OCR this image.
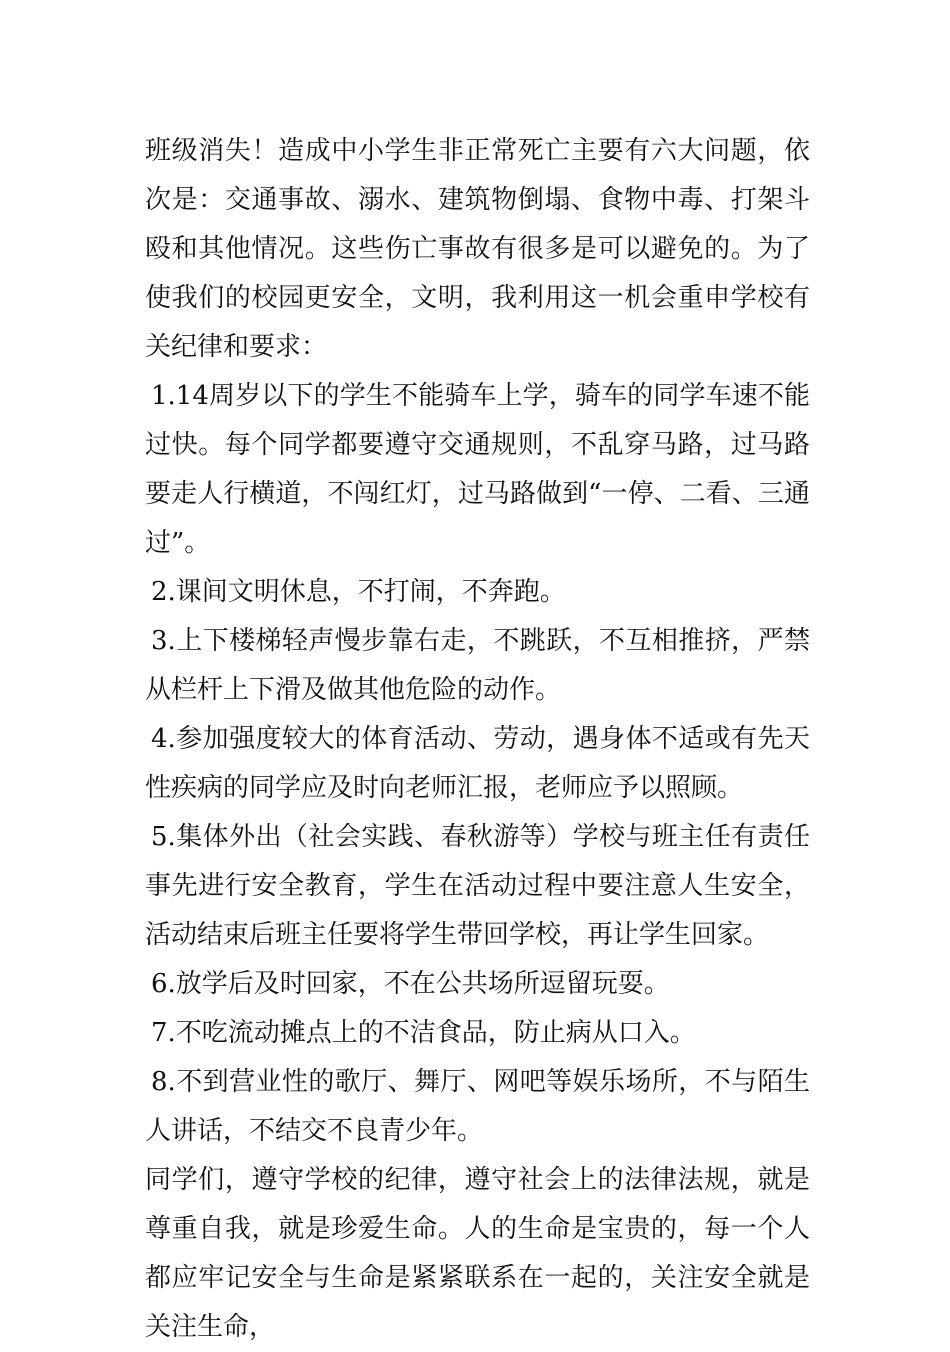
班级消失！造成中小学生非正常死亡主要有六大问题，依次是：交通事故、溺水、建筑物倒塌、食物中毒、打架斗殴和其他情况。这些伤亡事故有很多是可以避免的。为了使我们的校园更安全，文明，我利用这一机会重申学校有关纪律和要求：

1.14周岁以下的学生不能骑车上学，骑车的同学车速不能过快。每个同学都要遵守交通规则，不乱穿马路，过马路要走人行横道，不闯红灯，过马路做到“一停、二看、三通过”。

2.课间文明休息，不打闹，不奔跑。

3.上下楼梯轻声慢步靠右走，不跳跃，不互相推挤，严禁从栏杆上下滑及做其他危险的动作。

4.参加强度较大的体育活动、劳动，遇身体不适或有先天性疾病的同学应及时向老师汇报，老师应予以照顾。

5.集体外出（社会实践、春秋游等）学校与班主任有责任事先进行安全教育，学生在活动过程中要注意人生安全，活动结束后班主任要将学生带回学校，再让学生回家。

6.放学后及时回家，不在公共场所逗留玩耍。

7.不吃流动摊点上的不洁食品，防止病从口入。

8.不到营业性的歌厅、舞厅、网吧等娱乐场所，不与陌生人讲话，不结交不良青少年。

同学们，遵守学校的纪律，遵守社会上的法律法规，就是尊重自我，就是珍爱生命。人的生命是宝贵的，每一个人都应牢记安全与生命是紧紧联系在一起的，关注安全就是关注生命，
